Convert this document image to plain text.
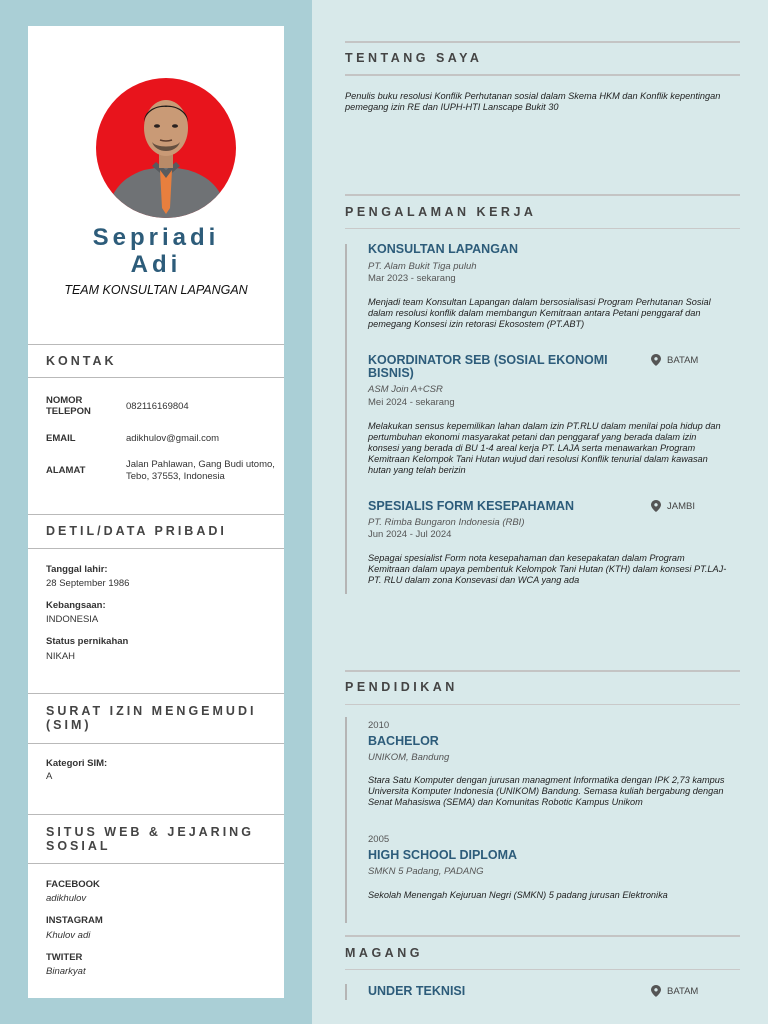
Sepriadi
Adi
TEAM KONSULTAN LAPANGAN
KONTAK
NOMOR TELEPON	082116169804
EMAIL	adikhulov@gmail.com
ALAMAT
Jalan Pahlawan, Gang Budi utomo, Tebo, 37553, Indonesia
DETIL/DATA PRIBADI
Tanggal lahir:
28 September 1986
Kebangsaan:
INDONESIA
Status pernikahan
NIKAH
SURAT IZIN MENGEMUDI (SIM)
Kategori SIM:
A
SITUS WEB & JEJARING SOSIAL
FACEBOOK
adikhulov
INSTAGRAM
Khulov adi
TWITER
Binarkyat
TENTANG SAYA
Penulis buku resolusi Konflik Perhutanan sosial dalam Skema HKM dan Konflik kepentingan pemegang izin RE dan IUPH-HTI Lanscape Bukit 30
PENGALAMAN KERJA
KONSULTAN LAPANGAN
PT. Alam Bukit Tiga puluh
Mar 2023 - sekarang
Menjadi team Konsultan Lapangan dalam bersosialisasi Program Perhutanan Sosial dalam resolusi konflik dalam membangun Kemitraan antara Petani penggaraf dan pemegang Konsesi izin retorasi Ekosostem (PT.ABT)
KOORDINATOR SEB (SOSIAL EKONOMI BISNIS)
BATAM
ASM Join A+CSR
Mei 2024 - sekarang
Melakukan sensus kepemilikan lahan dalam izin PT.RLU dalam menilai pola hidup dan pertumbuhan ekonomi masyarakat petani dan penggaraf yang berada dalam izin konsesi yang berada di BU 1-4 areal kerja PT. LAJA serta menawarkan Program Kemitraan Kelompok Tani Hutan wujud dari resolusi Konflik tenurial dalam kawasan hutan yang telah berizin
SPESIALIS FORM KESEPAHAMAN	JAMBI
PT. Rimba Bungaron Indonesia (RBI)
Jun 2024 - Jul 2024
Sepagai spesialist Form nota kesepahaman dan kesepakatan dalam Program Kemitraan dalam upaya pembentuk Kelompok Tani Hutan (KTH) dalam konsesi PT.LAJ-PT. RLU dalam zona Konsevasi dan WCA yang ada
PENDIDIKAN
2010
BACHELOR
UNIKOM, Bandung
Stara Satu Komputer dengan jurusan managment Informatika dengan IPK 2,73 kampus Universita Komputer Indonesia (UNIKOM) Bandung. Semasa kuliah bergabung dengan Senat Mahasiswa (SEMA) dan Komunitas Robotic Kampus Unikom
2005
HIGH SCHOOL DIPLOMA
SMKN 5 Padang, PADANG
Sekolah Menengah Kejuruan Negri (SMKN) 5 padang jurusan Elektronika
MAGANG
UNDER TEKNISI	BATAM
